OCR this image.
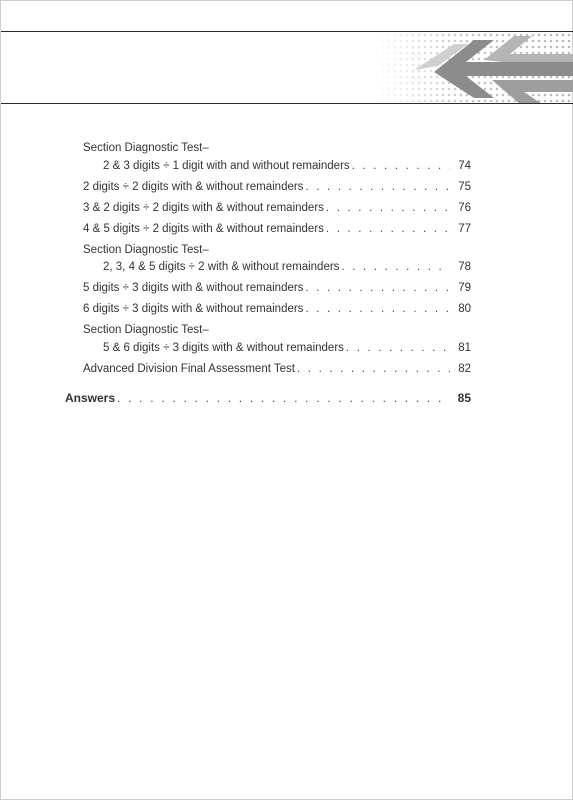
Section Diagnostic Test–
2 & 3 digits ÷ 1 digit with and without remainders . . .	74
2 digits ÷ 2 digits with & without remainders . . .	75
3 & 2 digits ÷ 2 digits with & without remainders . . .	76
4 & 5 digits ÷ 2 digits with & without remainders . . .	77
Section Diagnostic Test–
2, 3, 4 & 5 digits ÷ 2 with & without remainders . . .	78
5 digits ÷ 3 digits with & without remainders . . .	79
6 digits ÷ 3 digits with & without remainders . . .	80
Section Diagnostic Test–
5 & 6 digits ÷ 3 digits with & without remainders . . .	81
Advanced Division Final Assessment Test . . .	82
Answers . . .	85
